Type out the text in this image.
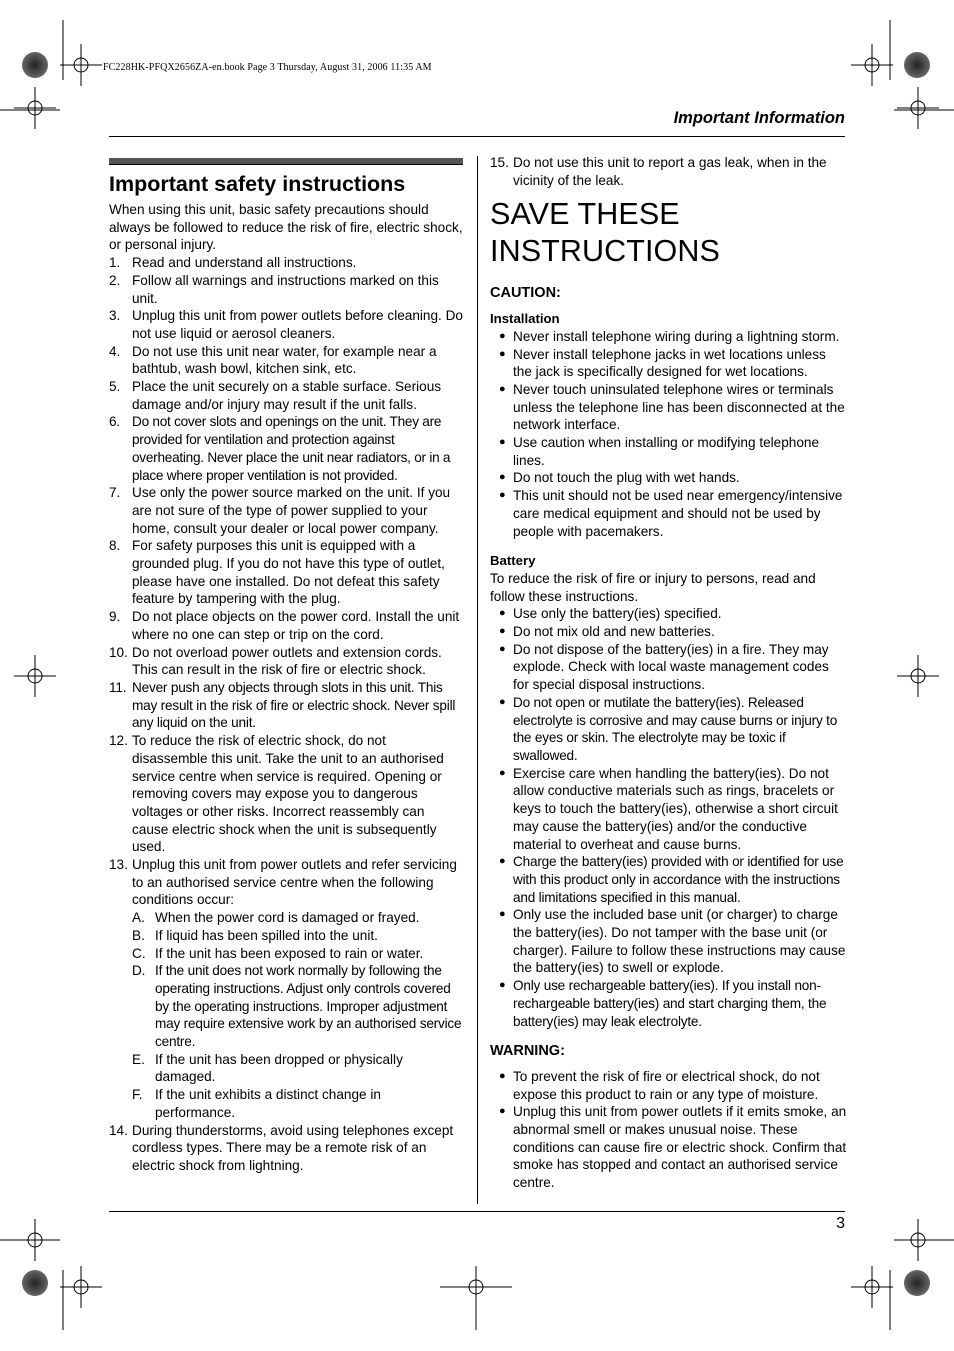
FC228HK-PFQX2656ZA-en.book Page 3 Thursday, August 31, 2006 11:35 AM
Important Information
Important safety instructions

When using this unit, basic safety precautions should always be followed to reduce the risk of fire, electric shock, or personal injury.

1. Read and understand all instructions.
2. Follow all warnings and instructions marked on this unit.
3. Unplug this unit from power outlets before cleaning. Do not use liquid or aerosol cleaners.
4. Do not use this unit near water, for example near a bathtub, wash bowl, kitchen sink, etc.
5. Place the unit securely on a stable surface. Serious damage and/or injury may result if the unit falls.
6. Do not cover slots and openings on the unit. They are provided for ventilation and protection against overheating. Never place the unit near radiators, or in a place where proper ventilation is not provided.
7. Use only the power source marked on the unit. If you are not sure of the type of power supplied to your home, consult your dealer or local power company.
8. For safety purposes this unit is equipped with a grounded plug. If you do not have this type of outlet, please have one installed. Do not defeat this safety feature by tampering with the plug.
9. Do not place objects on the power cord. Install the unit where no one can step or trip on the cord.
10. Do not overload power outlets and extension cords. This can result in the risk of fire or electric shock.
11. Never push any objects through slots in this unit. This may result in the risk of fire or electric shock. Never spill any liquid on the unit.
12. To reduce the risk of electric shock, do not disassemble this unit. Take the unit to an authorised service centre when service is required. Opening or removing covers may expose you to dangerous voltages or other risks. Incorrect reassembly can cause electric shock when the unit is subsequently used.
13. Unplug this unit from power outlets and refer servicing to an authorised service centre when the following conditions occur:
A. When the power cord is damaged or frayed.
B. If liquid has been spilled into the unit.
C. If the unit has been exposed to rain or water.
D. If the unit does not work normally by following the operating instructions. Adjust only controls covered by the operating instructions. Improper adjustment may require extensive work by an authorised service centre.
E. If the unit has been dropped or physically damaged.
F. If the unit exhibits a distinct change in performance.
14. During thunderstorms, avoid using telephones except cordless types. There may be a remote risk of an electric shock from lightning.
15. Do not use this unit to report a gas leak, when in the vicinity of the leak.
SAVE THESE
INSTRUCTIONS
CAUTION:
Installation
● Never install telephone wiring during a lightning storm.
● Never install telephone jacks in wet locations unless the jack is specifically designed for wet locations.
● Never touch uninsulated telephone wires or terminals unless the telephone line has been disconnected at the network interface.
● Use caution when installing or modifying telephone lines.
● Do not touch the plug with wet hands.
● This unit should not be used near emergency/intensive care medical equipment and should not be used by people with pacemakers.
Battery

To reduce the risk of fire or injury to persons, read and follow these instructions.

● Use only the battery(ies) specified.
● Do not mix old and new batteries.
● Do not dispose of the battery(ies) in a fire. They may explode. Check with local waste management codes for special disposal instructions.
● Do not open or mutilate the battery(ies). Released electrolyte is corrosive and may cause burns or injury to the eyes or skin. The electrolyte may be toxic if swallowed.
● Exercise care when handling the battery(ies). Do not allow conductive materials such as rings, bracelets or keys to touch the battery(ies), otherwise a short circuit may cause the battery(ies) and/or the conductive material to overheat and cause burns.
● Charge the battery(ies) provided with or identified for use with this product only in accordance with the instructions and limitations specified in this manual.
● Only use the included base unit (or charger) to charge the battery(ies). Do not tamper with the base unit (or charger). Failure to follow these instructions may cause the battery(ies) to swell or explode.
● Only use rechargeable battery(ies). If you install non-rechargeable battery(ies) and start charging them, the battery(ies) may leak electrolyte.
WARNING:
● To prevent the risk of fire or electrical shock, do not expose this product to rain or any type of moisture.
● Unplug this unit from power outlets if it emits smoke, an abnormal smell or makes unusual noise. These conditions can cause fire or electric shock. Confirm that smoke has stopped and contact an authorised service centre.
3
